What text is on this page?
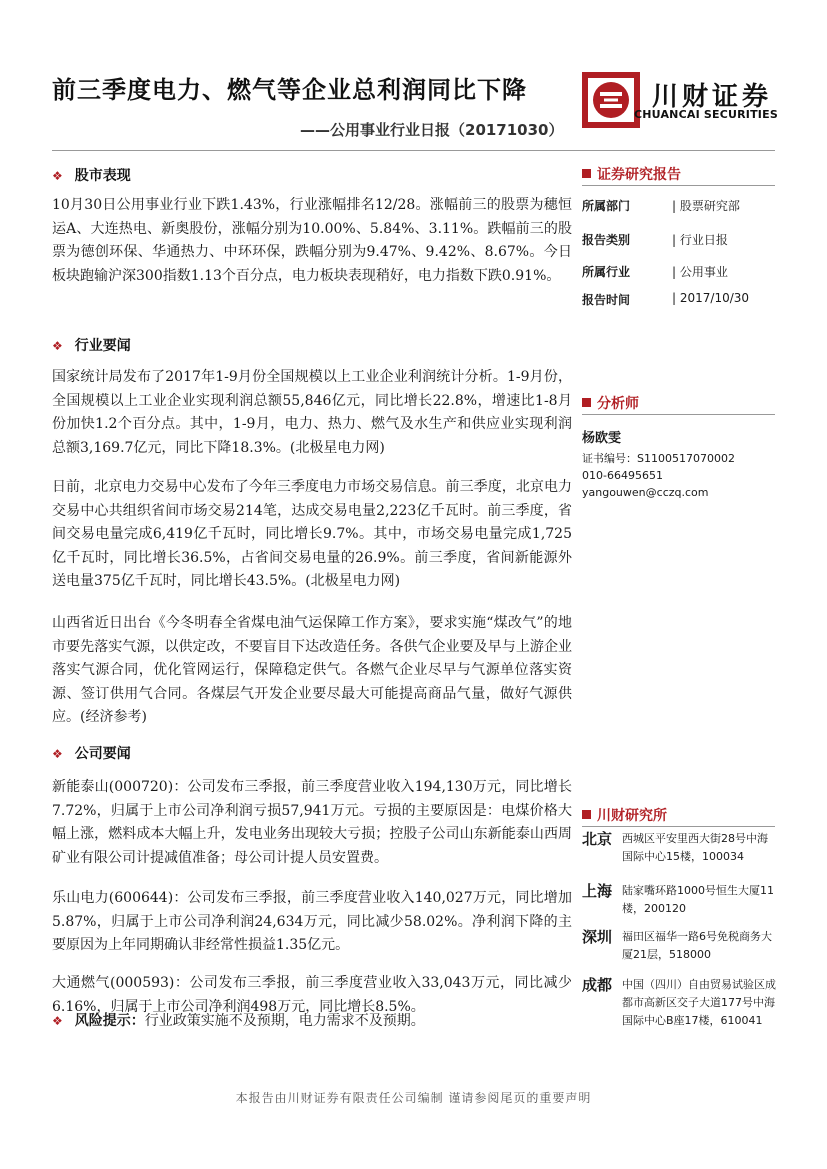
前三季度电力、燃气等企业总利润同比下降
——公用事业行业日报（20171030）
川财证券
CHUANCAI SECURITIES
❖ 股市表现
10月30日公用事业行业下跌1.43%，行业涨幅排名12/28。涨幅前三的股票为穗恒运A、大连热电、新奥股份，涨幅分别为10.00%、5.84%、3.11%。跌幅前三的股票为德创环保、华通热力、中环环保，跌幅分别为9.47%、9.42%、8.67%。今日板块跑输沪深300指数1.13个百分点，电力板块表现稍好，电力指数下跌0.91%。
❖ 行业要闻
国家统计局发布了2017年1-9月份全国规模以上工业企业利润统计分析。1-9月份，全国规模以上工业企业实现利润总额55,846亿元，同比增长22.8%，增速比1-8月份加快1.2个百分点。其中，1-9月，电力、热力、燃气及水生产和供应业实现利润总额3,169.7亿元，同比下降18.3%。(北极星电力网)
日前，北京电力交易中心发布了今年三季度电力市场交易信息。前三季度，北京电力交易中心共组织省间市场交易214笔，达成交易电量2,223亿千瓦时。前三季度，省间交易电量完成6,419亿千瓦时，同比增长9.7%。其中，市场交易电量完成1,725亿千瓦时，同比增长36.5%，占省间交易电量的26.9%。前三季度，省间新能源外送电量375亿千瓦时，同比增长43.5%。(北极星电力网)
山西省近日出台《今冬明春全省煤电油气运保障工作方案》，要求实施“煤改气”的地市要先落实气源，以供定改，不要盲目下达改造任务。各供气企业要及早与上游企业落实气源合同，优化管网运行，保障稳定供气。各燃气企业尽早与气源单位落实资源、签订供用气合同。各煤层气开发企业要尽最大可能提高商品气量，做好气源供应。(经济参考)
❖ 公司要闻
新能泰山(000720)：公司发布三季报，前三季度营业收入194,130万元，同比增长7.72%，归属于上市公司净利润亏损57,941万元。亏损的主要原因是：电煤价格大幅上涨，燃料成本大幅上升，发电业务出现较大亏损；控股子公司山东新能泰山西周矿业有限公司计提减值准备；母公司计提人员安置费。
乐山电力(600644)：公司发布三季报，前三季度营业收入140,027万元，同比增加5.87%，归属于上市公司净利润24,634万元，同比减少58.02%。净利润下降的主要原因为上年同期确认非经常性损益1.35亿元。
大通燃气(000593)：公司发布三季报，前三季度营业收入33,043万元，同比减少6.16%，归属于上市公司净利润498万元，同比增长8.5%。
❖ 风险提示：行业政策实施不及预期，电力需求不及预期。
证券研究报告
所属部门	| 股票研究部
报告类别	| 行业日报
所属行业	| 公用事业
报告时间	| 2017/10/30
分析师
杨欧雯
证书编号：S1100517070002
010-66495651
yangouwen@cczq.com
川财研究所
北京 西城区平安里西大街28号中海国际中心15楼，100034
上海 陆家嘴环路1000号恒生大厦11楼，200120
深圳 福田区福华一路6号免税商务大厦21层，518000
成都 中国（四川）自由贸易试验区成都市高新区交子大道177号中海国际中心B座17楼，610041
本报告由川财证券有限责任公司编制 谨请参阅尾页的重要声明
